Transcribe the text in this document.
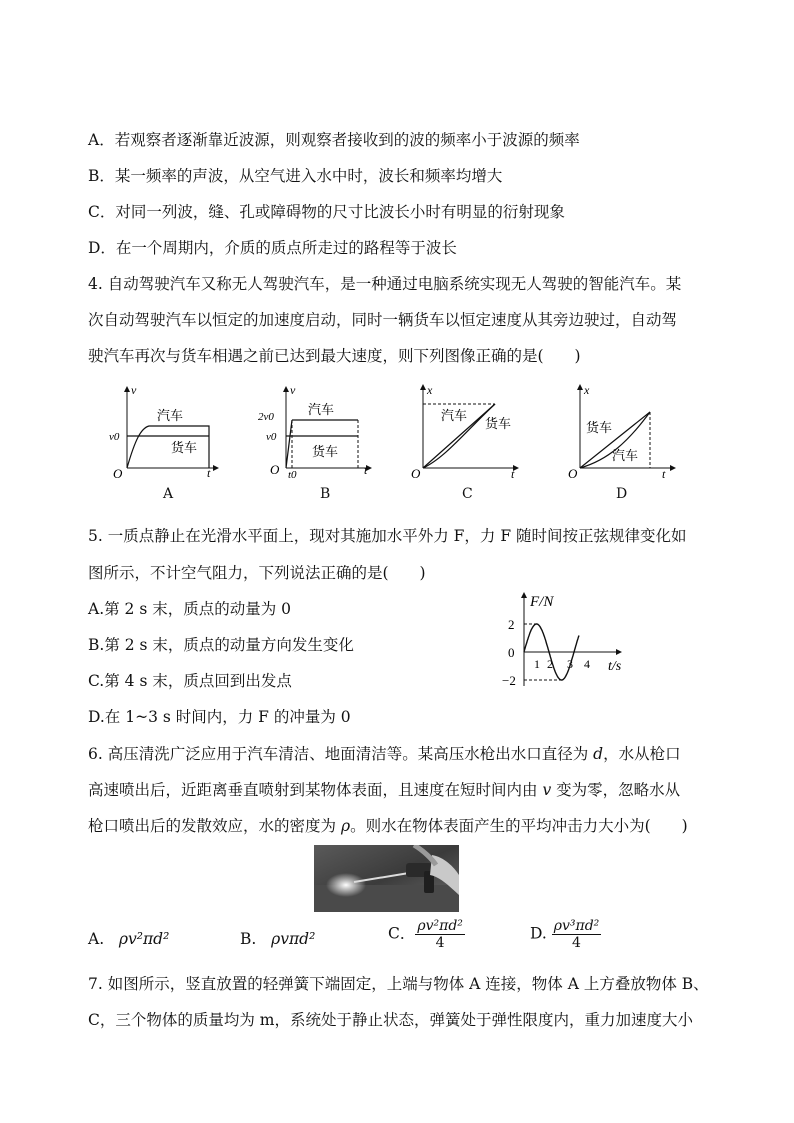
A．若观察者逐渐靠近波源，则观察者接收到的波的频率小于波源的频率
B．某一频率的声波，从空气进入水中时，波长和频率均增大
C．对同一列波，缝、孔或障碍物的尺寸比波长小时有明显的衍射现象
D．在一个周期内，介质的质点所走过的路程等于波长
4. 自动驾驶汽车又称无人驾驶汽车，是一种通过电脑系统实现无人驾驶的智能汽车。某
次自动驾驶汽车以恒定的加速度启动，同时一辆货车以恒定速度从其旁边驶过，自动驾
驶汽车再次与货车相遇之前已达到最大速度，则下列图像正确的是(　　)
v
t
O
v0
汽车
货车
A
v
t
O
2v0
v0
t0
汽车
货车
B
x
t
O
汽车
货车
C
x
t
O
货车
汽车
D
5. 一质点静止在光滑水平面上，现对其施加水平外力 F，力 F 随时间按正弦规律变化如
图所示，不计空气阻力，下列说法正确的是(　　)
A.第 2 s 末，质点的动量为 0
B.第 2 s 末，质点的动量方向发生变化
C.第 4 s 末，质点回到出发点
D.在 1~3 s 时间内，力 F 的冲量为 0
F/N
t/s
2
0
−2
1 2 3 4
6. 高压清洗广泛应用于汽车清洁、地面清洁等。某高压水枪出水口直径为 d，水从枪口
高速喷出后，近距离垂直喷射到某物体表面，且速度在短时间内由 v 变为零，忽略水从
枪口喷出后的发散效应，水的密度为 ρ。则水在物体表面产生的平均冲击力大小为(　　)
A. ρv²πd²	B. ρvπd²	C． $\frac{\text{ρv²πd²}}{4}$	D. $\frac{\text{ρv³πd²}}{4}$
7. 如图所示，竖直放置的轻弹簧下端固定，上端与物体 A 连接，物体 A 上方叠放物体 B、
C，三个物体的质量均为 m，系统处于静止状态，弹簧处于弹性限度内，重力加速度大小
